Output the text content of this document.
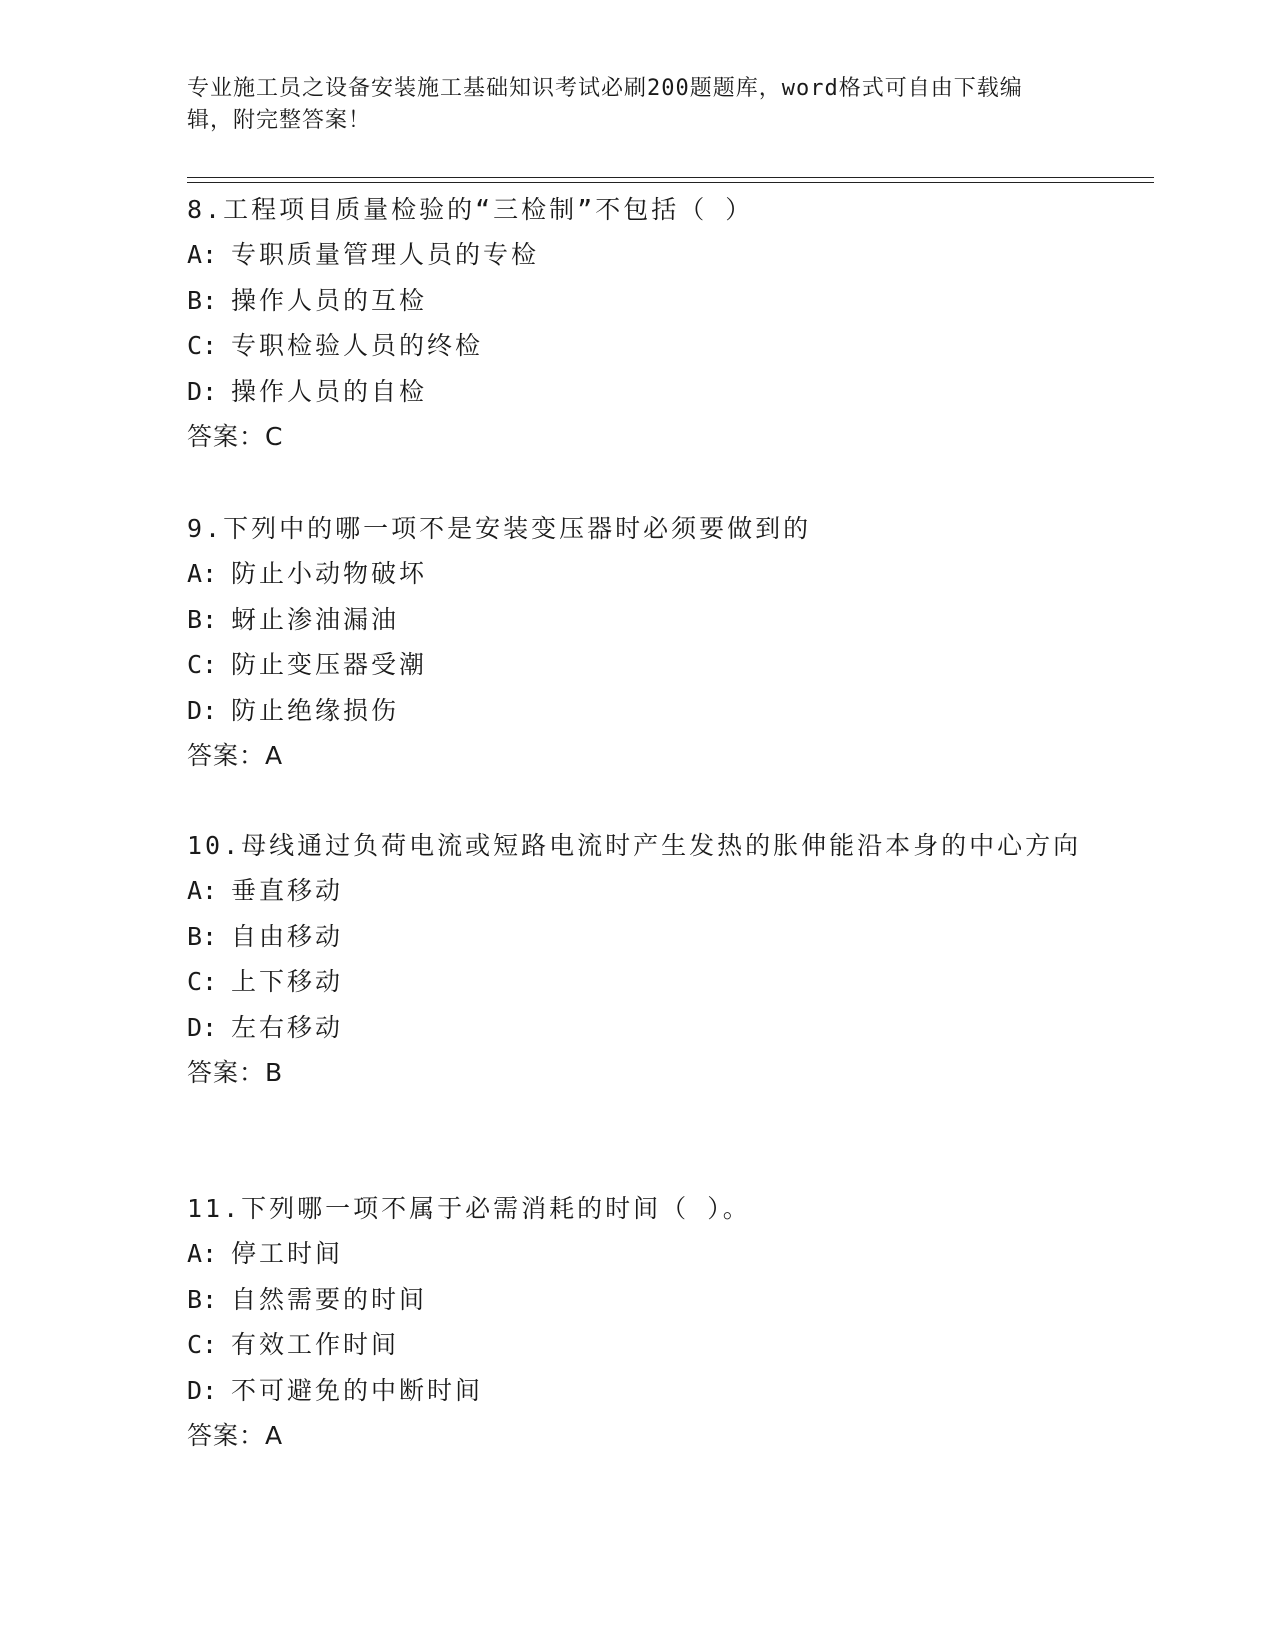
专业施工员之设备安装施工基础知识考试必刷200题题库，word格式可自由下载编辑，附完整答案！
8.工程项目质量检验的“三检制”不包括（ ）
A: 专职质量管理人员的专检
B: 操作人员的互检
C: 专职检验人员的终检
D: 操作人员的自检
答案：C
9.下列中的哪一项不是安装变压器时必须要做到的
A: 防止小动物破坏
B: 蚜止渗油漏油
C: 防止变压器受潮
D: 防止绝缘损伤
答案：A
10.母线通过负荷电流或短路电流时产生发热的胀伸能沿本身的中心方向
A: 垂直移动
B: 自由移动
C: 上下移动
D: 左右移动
答案：B
11.下列哪一项不属于必需消耗的时间（ ）。
A: 停工时间
B: 自然需要的时间
C: 有效工作时间
D: 不可避免的中断时间
答案：A
